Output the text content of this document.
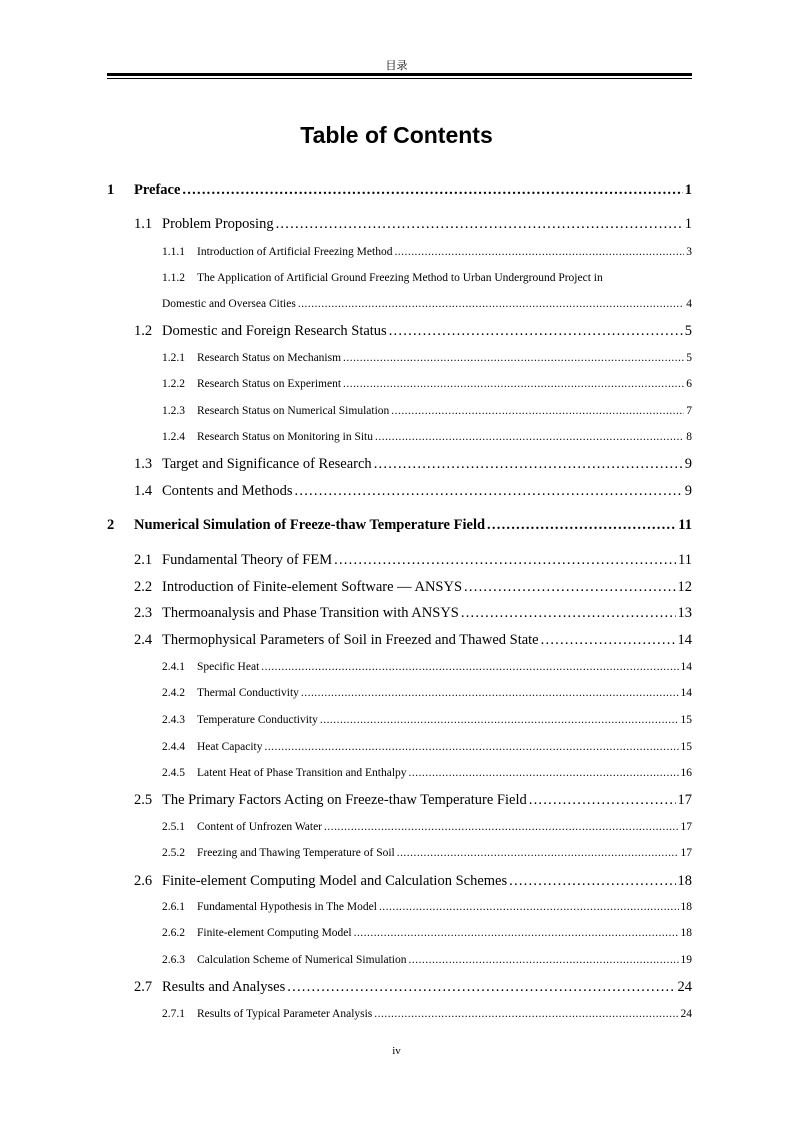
目录
Table of Contents
1	Preface . . .	1
1.1 Problem Proposing . . .	1
1.1.1	Introduction of Artificial Freezing Method . . .	3
1.1.2	The Application of Artificial Ground Freezing Method to Urban Underground Project in
Domestic and Oversea Cities . . .	4
1.2 Domestic and Foreign Research Status . . .	5
1.2.1	Research Status on Mechanism . . .	5
1.2.2	Research Status on Experiment . . .	6
1.2.3	Research Status on Numerical Simulation . . .	7
1.2.4	Research Status on Monitoring in Situ . . .	8
1.3 Target and Significance of Research . . .	9
1.4 Contents and Methods . . .	9
2	Numerical Simulation of Freeze-thaw Temperature Field . . .	11
2.1 Fundamental Theory of FEM . . .	11
2.2 Introduction of Finite-element Software — ANSYS . . .	12
2.3 Thermoanalysis and Phase Transition with ANSYS . . .	13
2.4 Thermophysical Parameters of Soil in Freezed and Thawed State . . .	14
2.4.1	Specific Heat . . .	14
2.4.2	Thermal Conductivity . . .	14
2.4.3	Temperature Conductivity . . .	15
2.4.4	Heat Capacity . . .	15
2.4.5	Latent Heat of Phase Transition and Enthalpy . . .	16
2.5 The Primary Factors Acting on Freeze-thaw Temperature Field . . .	17
2.5.1	Content of Unfrozen Water . . .	17
2.5.2	Freezing and Thawing Temperature of Soil . . .	17
2.6 Finite-element Computing Model and Calculation Schemes . . .	18
2.6.1	Fundamental Hypothesis in The Model . . .	18
2.6.2	Finite-element Computing Model . . .	18
2.6.3	Calculation Scheme of Numerical Simulation . . .	19
2.7 Results and Analyses . . .	24
2.7.1	Results of Typical Parameter Analysis . . .	24
iv
